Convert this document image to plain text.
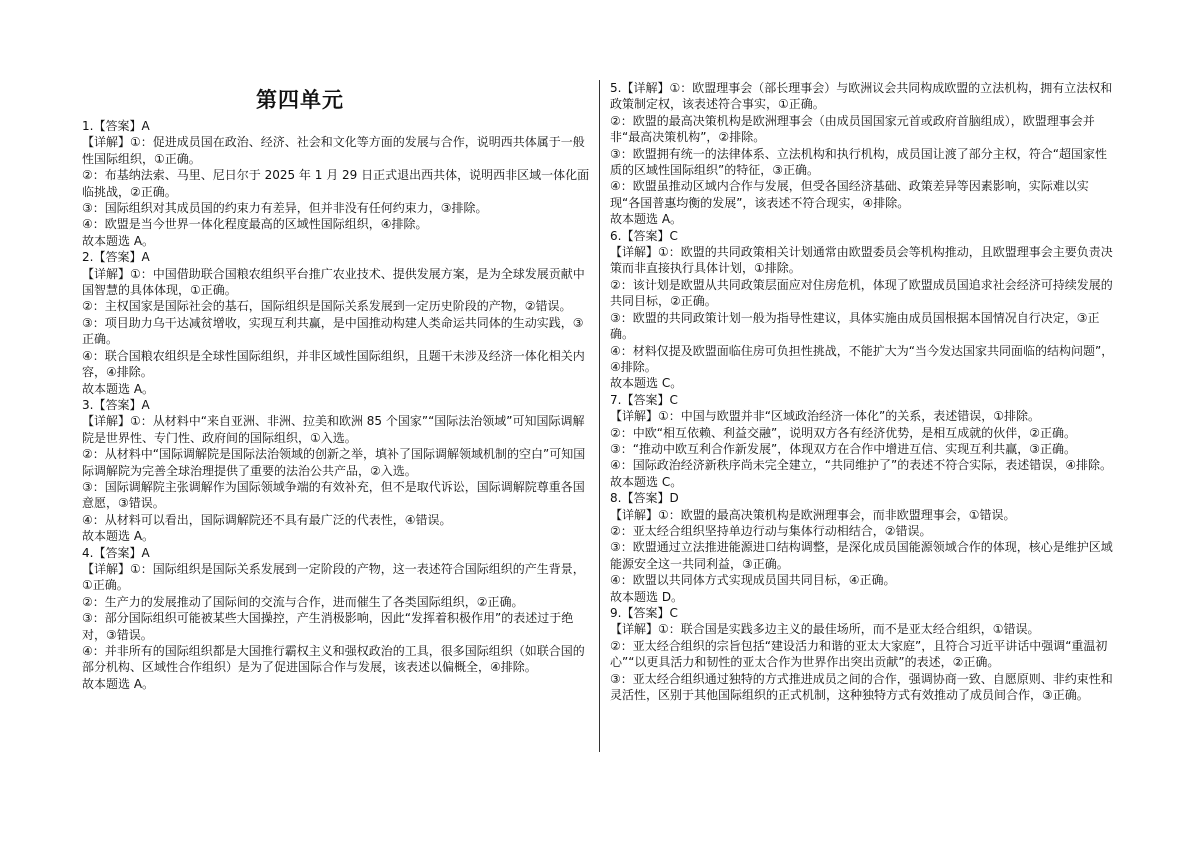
第四单元
1.【答案】A
【详解】①：促进成员国在政治、经济、社会和文化等方面的发展与合作，说明西共体属于一般性国际组织，①正确。
②：布基纳法索、马里、尼日尔于 2025 年 1 月 29 日正式退出西共体，说明西非区域一体化面临挑战，②正确。
③：国际组织对其成员国的约束力有差异，但并非没有任何约束力，③排除。
④：欧盟是当今世界一体化程度最高的区域性国际组织，④排除。
故本题选 A。
2.【答案】A
【详解】①：中国借助联合国粮农组织平台推广农业技术、提供发展方案，是为全球发展贡献中国智慧的具体体现，①正确。
②：主权国家是国际社会的基石，国际组织是国际关系发展到一定历史阶段的产物，②错误。
③：项目助力乌干达减贫增收，实现互利共赢，是中国推动构建人类命运共同体的生动实践，③正确。
④：联合国粮农组织是全球性国际组织，并非区域性国际组织，且题干未涉及经济一体化相关内容，④排除。
故本题选 A。
3.【答案】A
【详解】①：从材料中“来自亚洲、非洲、拉美和欧洲 85 个国家”“国际法治领域”可知国际调解院是世界性、专门性、政府间的国际组织，①入选。
②：从材料中“国际调解院是国际法治领域的创新之举，填补了国际调解领域机制的空白”可知国际调解院为完善全球治理提供了重要的法治公共产品，②入选。
③：国际调解院主张调解作为国际领域争端的有效补充，但不是取代诉讼，国际调解院尊重各国意愿，③错误。
④：从材料可以看出，国际调解院还不具有最广泛的代表性，④错误。
故本题选 A。
4.【答案】A
【详解】①：国际组织是国际关系发展到一定阶段的产物，这一表述符合国际组织的产生背景，①正确。
②：生产力的发展推动了国际间的交流与合作，进而催生了各类国际组织，②正确。
③：部分国际组织可能被某些大国操控，产生消极影响，因此“发挥着积极作用”的表述过于绝对，③错误。
④：并非所有的国际组织都是大国推行霸权主义和强权政治的工具，很多国际组织（如联合国的部分机构、区域性合作组织）是为了促进国际合作与发展，该表述以偏概全，④排除。
故本题选 A。
5.【详解】①：欧盟理事会（部长理事会）与欧洲议会共同构成欧盟的立法机构，拥有立法权和政策制定权，该表述符合事实，①正确。
②：欧盟的最高决策机构是欧洲理事会（由成员国国家元首或政府首脑组成），欧盟理事会并非“最高决策机构”，②排除。
③：欧盟拥有统一的法律体系、立法机构和执行机构，成员国让渡了部分主权，符合“超国家性质的区域性国际组织”的特征，③正确。
④：欧盟虽推动区域内合作与发展，但受各国经济基础、政策差异等因素影响，实际难以实现“各国普惠均衡的发展”，该表述不符合现实，④排除。
故本题选 A。
6.【答案】C
【详解】①：欧盟的共同政策相关计划通常由欧盟委员会等机构推动，且欧盟理事会主要负责决策而非直接执行具体计划，①排除。
②：该计划是欧盟从共同政策层面应对住房危机，体现了欧盟成员国追求社会经济可持续发展的共同目标，②正确。
③：欧盟的共同政策计划一般为指导性建议，具体实施由成员国根据本国情况自行决定，③正确。
④：材料仅提及欧盟面临住房可负担性挑战，不能扩大为“当今发达国家共同面临的结构问题”，④排除。
故本题选 C。
7.【答案】C
【详解】①：中国与欧盟并非“区域政治经济一体化”的关系，表述错误，①排除。
②：中欧“相互依赖、利益交融”，说明双方各有经济优势，是相互成就的伙伴，②正确。
③：“推动中欧互利合作新发展”，体现双方在合作中增进互信、实现互利共赢，③正确。
④：国际政治经济新秩序尚未完全建立，“共同维护了”的表述不符合实际，表述错误，④排除。
故本题选 C。
8.【答案】D
【详解】①：欧盟的最高决策机构是欧洲理事会，而非欧盟理事会，①错误。
②：亚太经合组织坚持单边行动与集体行动相结合，②错误。
③：欧盟通过立法推进能源进口结构调整，是深化成员国能源领域合作的体现，核心是维护区域能源安全这一共同利益，③正确。
④：欧盟以共同体方式实现成员国共同目标，④正确。
故本题选 D。
9.【答案】C
【详解】①：联合国是实践多边主义的最佳场所，而不是亚太经合组织，①错误。
②：亚太经合组织的宗旨包括“建设活力和谐的亚太大家庭”，且符合习近平讲话中强调“重温初心”“以更具活力和韧性的亚太合作为世界作出突出贡献”的表述，②正确。
③：亚太经合组织通过独特的方式推进成员之间的合作，强调协商一致、自愿原则、非约束性和灵活性，区别于其他国际组织的正式机制，这种独特方式有效推动了成员间合作，③正确。
